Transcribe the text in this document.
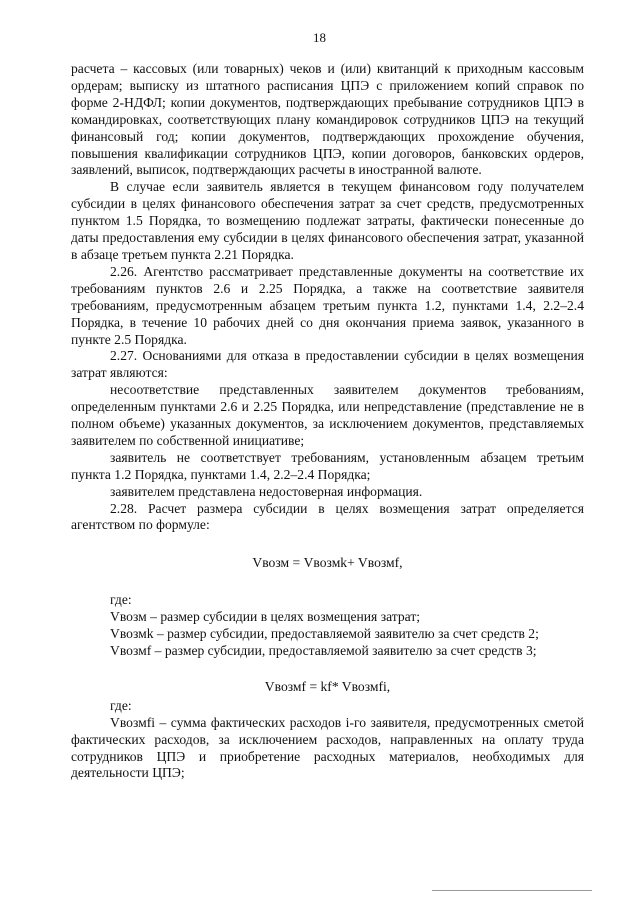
18

расчета – кассовых (или товарных) чеков и (или) квитанций к приходным кассовым ордерам; выписку из штатного расписания ЦПЭ с приложением копий справок по форме 2-НДФЛ; копии документов, подтверждающих пребывание сотрудников ЦПЭ в командировках, соответствующих плану командировок сотрудников ЦПЭ на текущий финансовый год; копии документов, подтверждающих прохождение обучения, повышения квалификации сотрудников ЦПЭ, копии договоров, банковских ордеров, заявлений, выписок, подтверждающих расчеты в иностранной валюте.

В случае если заявитель является в текущем финансовом году получателем субсидии в целях финансового обеспечения затрат за счет средств, предусмотренных пунктом 1.5 Порядка, то возмещению подлежат затраты, фактически понесенные до даты предоставления ему субсидии в целях финансового обеспечения затрат, указанной в абзаце третьем пункта 2.21 Порядка.

2.26. Агентство рассматривает представленные документы на соответствие их требованиям пунктов 2.6 и 2.25 Порядка, а также на соответствие заявителя требованиям, предусмотренным абзацем третьим пункта 1.2, пунктами 1.4, 2.2–2.4 Порядка, в течение 10 рабочих дней со дня окончания приема заявок, указанного в пункте 2.5 Порядка.

2.27. Основаниями для отказа в предоставлении субсидии в целях возмещения затрат являются:

несоответствие представленных заявителем документов требованиям, определенным пунктами 2.6 и 2.25 Порядка, или непредставление (представление не в полном объеме) указанных документов, за исключением документов, представляемых заявителем по собственной инициативе;

заявитель не соответствует требованиям, установленным абзацем третьим пункта 1.2 Порядка, пунктами 1.4, 2.2–2.4 Порядка;

заявителем представлена недостоверная информация.

2.28. Расчет размера субсидии в целях возмещения затрат определяется агентством по формуле:

Vвозм = Vвозмk+ Vвозмf,

где:

Vвозм – размер субсидии в целях возмещения затрат;

Vвозмk – размер субсидии, предоставляемой заявителю за счет средств 2;

Vвозмf – размер субсидии, предоставляемой заявителю за счет средств 3;

Vвозмf = kf* Vвозмfi,

где:

Vвозмfi – сумма фактических расходов i-го заявителя, предусмотренных сметой фактических расходов, за исключением расходов, направленных на оплату труда сотрудников ЦПЭ и приобретение расходных материалов, необходимых для деятельности ЦПЭ;
